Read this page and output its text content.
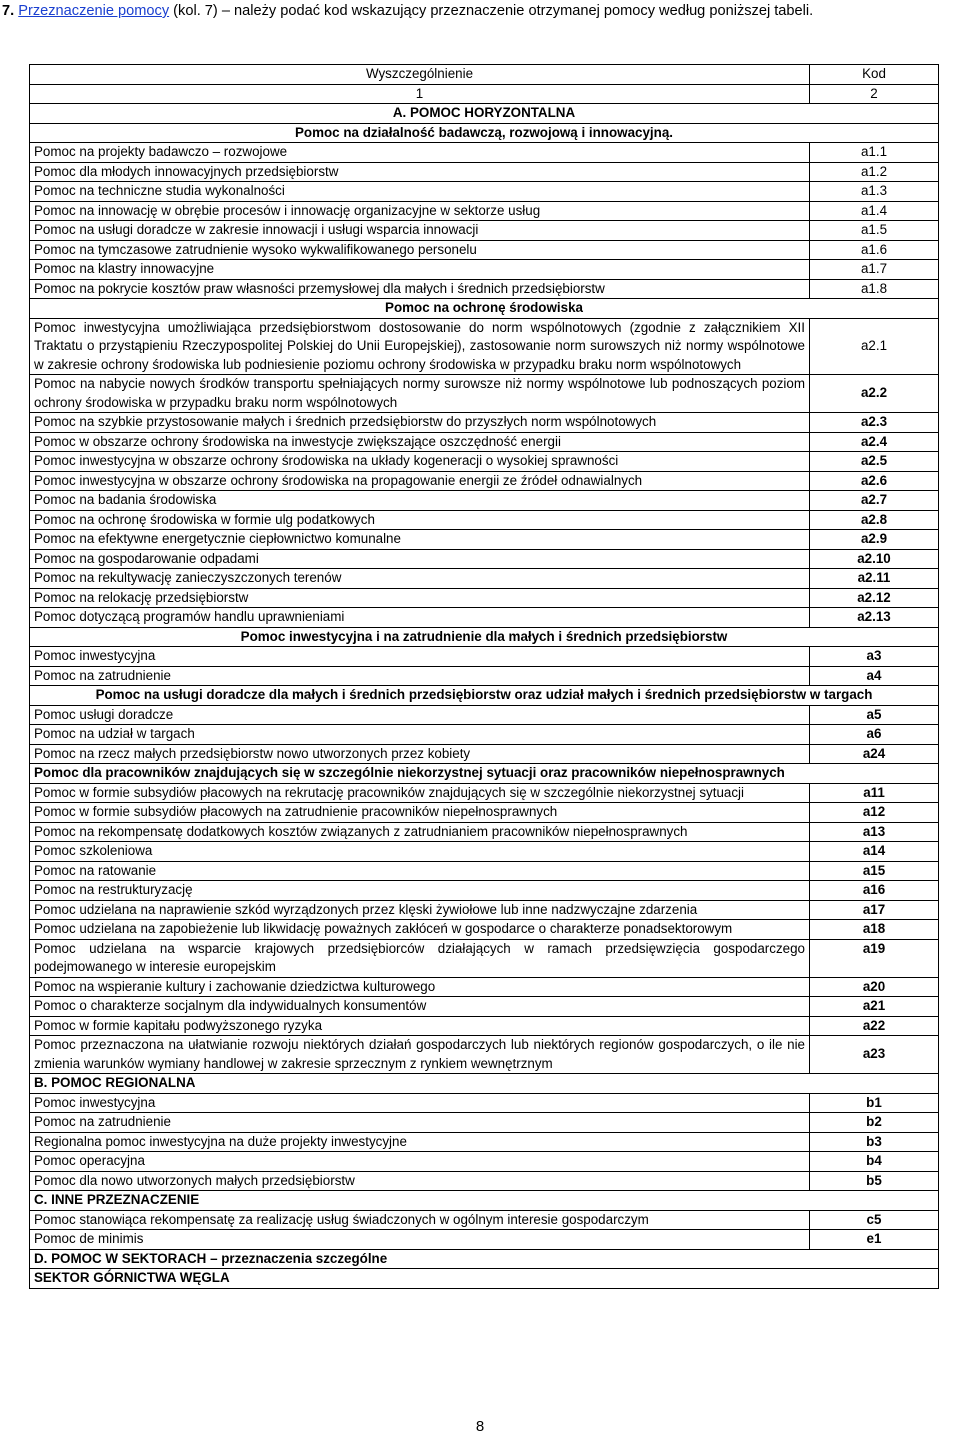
7. Przeznaczenie pomocy (kol. 7) – należy podać kod wskazujący przeznaczenie otrzymanej pomocy według poniższej tabeli.

Wyszczególnienie	Kod
1	2
A. POMOC HORYZONTALNA	
Pomoc na działalność badawczą, rozwojową i innowacyjną.	
Pomoc na projekty badawczo – rozwojowe	a1.1
Pomoc dla młodych innowacyjnych przedsiębiorstw	a1.2
Pomoc na techniczne studia wykonalności	a1.3
Pomoc na innowację w obrębie procesów i innowację organizacyjne w sektorze usług	a1.4
Pomoc na usługi doradcze w zakresie innowacji i usługi wsparcia innowacji	a1.5
Pomoc na tymczasowe zatrudnienie wysoko wykwalifikowanego personelu	a1.6
Pomoc na klastry innowacyjne	a1.7
Pomoc na pokrycie kosztów praw własności przemysłowej dla małych i średnich przedsiębiorstw	a1.8
Pomoc na ochronę środowiska	
Pomoc inwestycyjna umożliwiająca przedsiębiorstwom dostosowanie do norm wspólnotowych (zgodnie z załącznikiem XII Traktatu o przystąpieniu Rzeczypospolitej Polskiej do Unii Europejskiej), zastosowanie norm surowszych niż normy wspólnotowe w zakresie ochrony środowiska lub podniesienie poziomu ochrony środowiska w przypadku braku norm wspólnotowych	a2.1
Pomoc na nabycie nowych środków transportu spełniających normy surowsze niż normy wspólnotowe lub podnoszących poziom ochrony środowiska w przypadku braku norm wspólnotowych	a2.2
Pomoc na szybkie przystosowanie małych i średnich przedsiębiorstw do przyszłych norm wspólnotowych	a2.3
Pomoc w obszarze ochrony środowiska na inwestycje zwiększające oszczędność energii	a2.4
Pomoc inwestycyjna w obszarze ochrony środowiska na układy kogeneracji o wysokiej sprawności	a2.5
Pomoc inwestycyjna w obszarze ochrony środowiska na propagowanie energii ze źródeł odnawialnych	a2.6
Pomoc na badania środowiska	a2.7
Pomoc na ochronę środowiska w formie ulg podatkowych	a2.8
Pomoc na efektywne energetycznie ciepłownictwo komunalne	a2.9
Pomoc na gospodarowanie odpadami	a2.10
Pomoc na rekultywację zanieczyszczonych terenów	a2.11
Pomoc na relokację przedsiębiorstw	a2.12
Pomoc dotyczącą programów handlu uprawnieniami	a2.13
Pomoc inwestycyjna i na zatrudnienie dla małych i średnich przedsiębiorstw	
Pomoc inwestycyjna	a3
Pomoc na zatrudnienie	a4
Pomoc na usługi doradcze dla małych i średnich przedsiębiorstw oraz udział małych i średnich przedsiębiorstw w targach	
Pomoc usługi doradcze	a5
Pomoc na udział w targach	a6
Pomoc na rzecz małych przedsiębiorstw nowo utworzonych przez kobiety	a24
Pomoc dla pracowników znajdujących się w szczególnie niekorzystnej sytuacji oraz pracowników niepełnosprawnych	
Pomoc w formie subsydiów płacowych na rekrutację pracowników znajdujących się w szczególnie niekorzystnej sytuacji	a11
Pomoc w formie subsydiów płacowych na zatrudnienie pracowników niepełnosprawnych	a12
Pomoc na rekompensatę dodatkowych kosztów związanych z zatrudnianiem pracowników niepełnosprawnych	a13
Pomoc szkoleniowa	a14
Pomoc na ratowanie	a15
Pomoc na restrukturyzację	a16
Pomoc udzielana na naprawienie szkód wyrządzonych przez klęski żywiołowe lub inne nadzwyczajne zdarzenia	a17
Pomoc udzielana na zapobieżenie lub likwidację poważnych zakłóceń w gospodarce o charakterze ponadsektorowym	a18
Pomoc udzielana na wsparcie krajowych przedsiębiorców działających w ramach przedsięwzięcia gospodarczego podejmowanego w interesie europejskim	a19
Pomoc na wspieranie kultury i zachowanie dziedzictwa kulturowego	a20
Pomoc o charakterze socjalnym dla indywidualnych konsumentów	a21
Pomoc w formie kapitału podwyższonego ryzyka	a22
Pomoc przeznaczona na ułatwianie rozwoju niektórych działań gospodarczych lub niektórych regionów gospodarczych, o ile nie zmienia warunków wymiany handlowej w zakresie sprzecznym z rynkiem wewnętrznym	a23
B. POMOC REGIONALNA	
Pomoc inwestycyjna	b1
Pomoc na zatrudnienie	b2
Regionalna pomoc inwestycyjna na duże projekty inwestycyjne	b3
Pomoc operacyjna	b4
Pomoc dla nowo utworzonych małych przedsiębiorstw	b5
C. INNE PRZEZNACZENIE	
Pomoc stanowiąca rekompensatę za realizację usług świadczonych w ogólnym interesie gospodarczym	c5
Pomoc de minimis	e1
D. POMOC W SEKTORACH – przeznaczenia szczególne	
SEKTOR GÓRNICTWA WĘGLA	
8
